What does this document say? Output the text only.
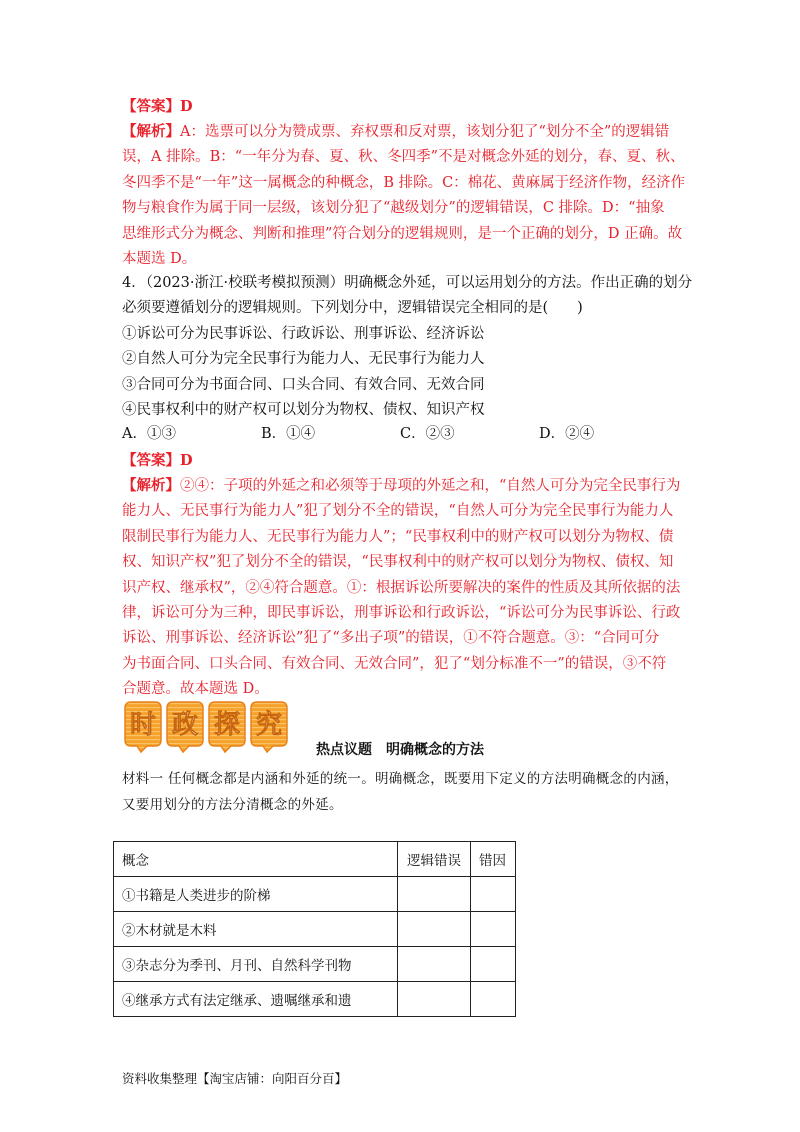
【答案】D
【解析】A：选票可以分为赞成票、弃权票和反对票，该划分犯了“划分不全”的逻辑错
误，A 排除。B：“一年分为春、夏、秋、冬四季”不是对概念外延的划分，春、夏、秋、
冬四季不是“一年”这一属概念的种概念，B 排除。C：棉花、黄麻属于经济作物，经济作
物与粮食作为属于同一层级，该划分犯了“越级划分”的逻辑错误，C 排除。D：“抽象
思维形式分为概念、判断和推理”符合划分的逻辑规则，是一个正确的划分，D 正确。故
本题选 D。
4．（2023·浙江·校联考模拟预测）明确概念外延，可以运用划分的方法。作出正确的划分
必须要遵循划分的逻辑规则。下列划分中，逻辑错误完全相同的是(　　)
①诉讼可分为民事诉讼、行政诉讼、刑事诉讼、经济诉讼
②自然人可分为完全民事行为能力人、无民事行为能力人
③合同可分为书面合同、口头合同、有效合同、无效合同
④民事权利中的财产权可以划分为物权、债权、知识产权
A．①③	B．①④	C．②③	D．②④
【答案】D
【解析】②④：子项的外延之和必须等于母项的外延之和，“自然人可分为完全民事行为
能力人、无民事行为能力人”犯了划分不全的错误，“自然人可分为完全民事行为能力人
限制民事行为能力人、无民事行为能力人”；“民事权利中的财产权可以划分为物权、债
权、知识产权”犯了划分不全的错误，“民事权利中的财产权可以划分为物权、债权、知
识产权、继承权”，②④符合题意。①：根据诉讼所要解决的案件的性质及其所依据的法
律，诉讼可分为三种，即民事诉讼，刑事诉讼和行政诉讼，“诉讼可分为民事诉讼、行政
诉讼、刑事诉讼、经济诉讼”犯了“多出子项”的错误，①不符合题意。③：“合同可分
为书面合同、口头合同、有效合同、无效合同”，犯了“划分标准不一”的错误，③不符
合题意。故本题选 D。
时 政 探 究
热点议题　明确概念的方法
材料一 任何概念都是内涵和外延的统一。明确概念，既要用下定义的方法明确概念的内涵，
又要用划分的方法分清概念的外延。
概念	逻辑错误	错因
①书籍是人类进步的阶梯		
②木材就是木料		
③杂志分为季刊、月刊、自然科学刊物		
④继承方式有法定继承、遗嘱继承和遗		
资料收集整理【淘宝店铺：向阳百分百】
